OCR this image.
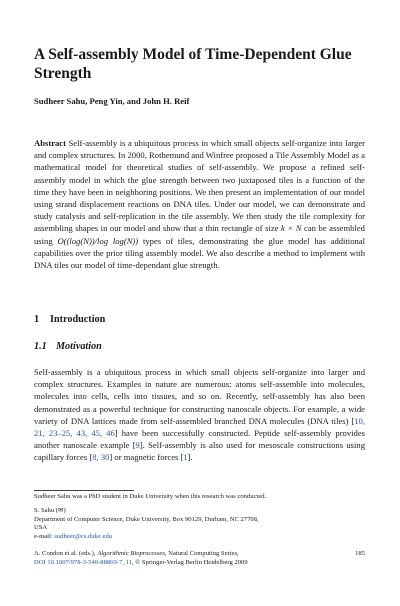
A Self-assembly Model of Time-Dependent Glue Strength

Sudheer Sahu, Peng Yin, and John H. Reif

Abstract Self-assembly is a ubiquitous process in which small objects self-organize into larger and complex structures. In 2000, Rothemund and Winfree proposed a Tile Assembly Model as a mathematical model for theoretical studies of self-assembly. We propose a refined self-assembly model in which the glue strength between two juxtaposed tiles is a function of the time they have been in neighboring positions. We then present an implementation of our model using strand displacement reactions on DNA tiles. Under our model, we can demonstrate and study catalysis and self-replication in the tile assembly. We then study the tile complexity for assembling shapes in our model and show that a thin rectangle of size k × N can be assembled using O((log(N))/log log(N)) types of tiles, demonstrating the glue model has additional capabilities over the prior tiling assembly model. We also describe a method to implement with DNA tiles our model of time-dependant glue strength.

1 Introduction
1.1 Motivation

Self-assembly is a ubiquitous process in which small objects self-organize into larger and complex structures. Examples in nature are numerous: atoms self-assemble into molecules, molecules into cells, cells into tissues, and so on. Recently, self-assembly has also been demonstrated as a powerful technique for constructing nanoscale objects. For example, a wide variety of DNA lattices made from self-assembled branched DNA molecules (DNA tiles) [10, 21, 23–25, 43, 45, 46] have been successfully constructed. Peptide self-assembly provides another nanoscale example [9]. Self-assembly is also used for mesoscale constructions using capillary forces [8, 30] or magnetic forces [1].

Sudheer Sahu was a PhD student in Duke University when this research was conducted.

S. Sahu (✉)
Department of Computer Science, Duke University, Box 90129, Durham, NC 27708,
USA
e-mail: sudheer@cs.duke.edu
A. Condon et al. (eds.), Algorithmic Bioprocesses, Natural Computing Series,
DOI 10.1007/978-3-540-88869-7_11, © Springer-Verlag Berlin Heidelberg 2009
185
